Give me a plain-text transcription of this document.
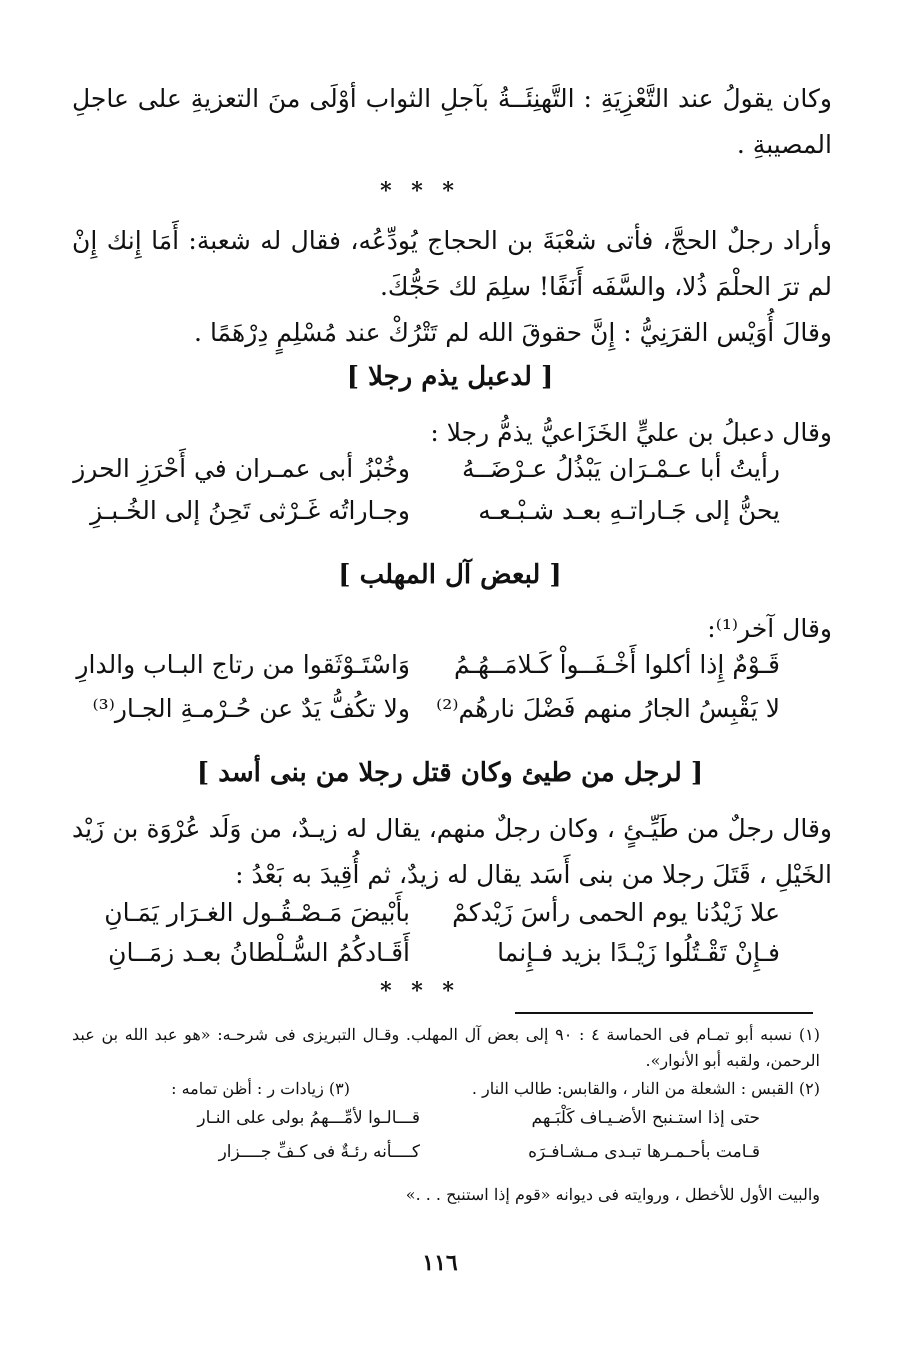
وكان يقولُ عند التَّعْزِيَةِ : التَّهنِئَــةُ بآجلِ الثواب أوْلَى منَ التعزيةِ على عاجلِ المصيبةِ .
* * *
وأراد رجلٌ الحجَّ، فأتى شعْبَةَ بن الحجاج يُودِّعُه، فقال له شعبة: أَمَا إِنك إِنْ لم ترَ الحلْمَ ذُلا، والسَّفَه أَنَفًا! سلِمَ لك حَجُّكَ.
وقالَ أُوَيْس القرَنِيُّ : إِنَّ حقوقَ الله لم تَتْرُكْ عند مُسْلِمٍ دِرْهَمًا .
[ لدعبل يذم رجلا ]
وقال دعبلُ بن عليٍّ الخَزَاعيُّ يذمُّ رجلا :
رأيتُ أبا عـمْـرَان يَبْذُلُ عـرْضَــهُ
وخُبْزُ أبى عمـران في أَحْرَزِ الحرز
يحنُّ إلى جَـاراتـهِ بعـد شـبْـعـه
وجـاراتُه غَـرْثى تَحِنُ إلى الخُـبـزِ
[ لبعض آل المهلب ]
وقال آخر⁽¹⁾:
قَـوْمٌ إِذا أكلوا أَخْـفَــواْ كَـلامَــهُـمُ
وَاسْتَـوْثَقوا من رتاج البـاب والدارِ
لا يَقْبِسُ الجارُ منهم فَضْلَ نارهُم⁽²⁾
ولا تكُفُّ يَدٌ عن حُـرْمـةِ الجـار⁽³⁾
[ لرجل من طيئ وكان قتل رجلا من بنى أسد ]
وقال رجلٌ من طَيِّـئٍ ، وكان رجلٌ منهم، يقال له زيـدٌ، من وَلَد عُرْوَة بن زَيْد الخَيْلِ ، قَتَلَ رجلا من بنى أَسَد يقال له زيدٌ، ثم أُقِيدَ به بَعْدُ :
علا زَيْدُنا يوم الحمى رأسَ زَيْدكمْ
بأَبْيضَ مَـصْـقُـول الغـرَار يَمَـانِ
فـإِنْ تَقْـتُلُوا زَيْـدًا بزيد فـإِنما
أَقَـادكُمُ السُّـلْطانُ بعـد زمَــانِ
* * *
(١) نسبه أبو تمـام فى الحماسة ٤ : ٩٠ إلى بعض آل المهلب. وقـال التبريزى فى شرحـه: «هو عبد الله بن عبد الرحمن، ولقبه أبو الأنوار».
(٢) القبس : الشعلة من النار ، والقابس: طالب النار .
(٣) زيادات ر : أظن تمامه :
حتى إذا استـنبح الأضـيـاف كَلْبَـهم
قـــالـوا لأمِّـــهمُ بولى على النـار
قـامت بأحـمـرها تبـدى مـشـافـرَه
كــــأنه رئـةٌ فى كـفِّ جــــزار
والبيت الأول للأخطل ، وروايته فى ديوانه «قوم إذا استنبح . . .»
١١٦
